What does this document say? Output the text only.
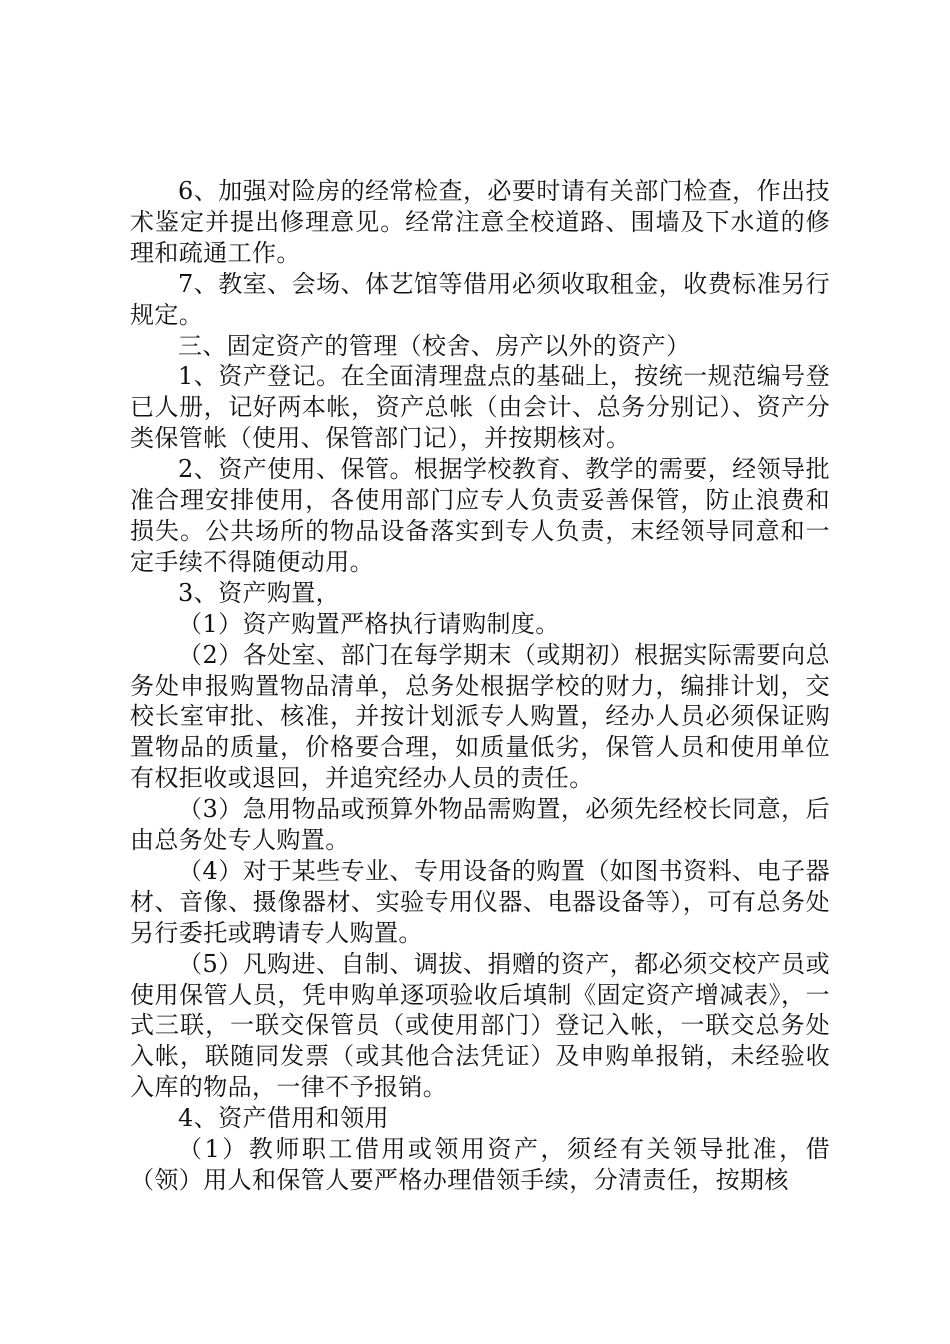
6、加强对险房的经常检查，必要时请有关部门检查，作出技术鉴定并提出修理意见。经常注意全校道路、围墙及下水道的修理和疏通工作。

7、教室、会场、体艺馆等借用必须收取租金，收费标准另行规定。

三、固定资产的管理（校舍、房产以外的资产）

1、资产登记。在全面清理盘点的基础上，按统一规范编号登已人册，记好两本帐，资产总帐（由会计、总务分别记）、资产分类保管帐（使用、保管部门记），并按期核对。

2、资产使用、保管。根据学校教育、教学的需要，经领导批准合理安排使用，各使用部门应专人负责妥善保管，防止浪费和损失。公共场所的物品设备落实到专人负责，末经领导同意和一定手续不得随便动用。

3、资产购置，

（1）资产购置严格执行请购制度。

（2）各处室、部门在每学期末（或期初）根据实际需要向总务处申报购置物品清单，总务处根据学校的财力，编排计划，交校长室审批、核准，并按计划派专人购置，经办人员必须保证购置物品的质量，价格要合理，如质量低劣，保管人员和使用单位有权拒收或退回，并追究经办人员的责任。

（3）急用物品或预算外物品需购置，必须先经校长同意，后由总务处专人购置。

（4）对于某些专业、专用设备的购置（如图书资料、电子器材、音像、摄像器材、实验专用仪器、电器设备等），可有总务处另行委托或聘请专人购置。

（5）凡购进、自制、调拔、捐赠的资产，都必须交校产员或使用保管人员，凭申购单逐项验收后填制《固定资产增减表》，一式三联，一联交保管员（或使用部门）登记入帐，一联交总务处入帐，联随同发票（或其他合法凭证）及申购单报销，未经验收入库的物品，一律不予报销。

4、资产借用和领用

（1）教师职工借用或领用资产，须经有关领导批准，借（领）用人和保管人要严格办理借领手续，分清责任，按期核
